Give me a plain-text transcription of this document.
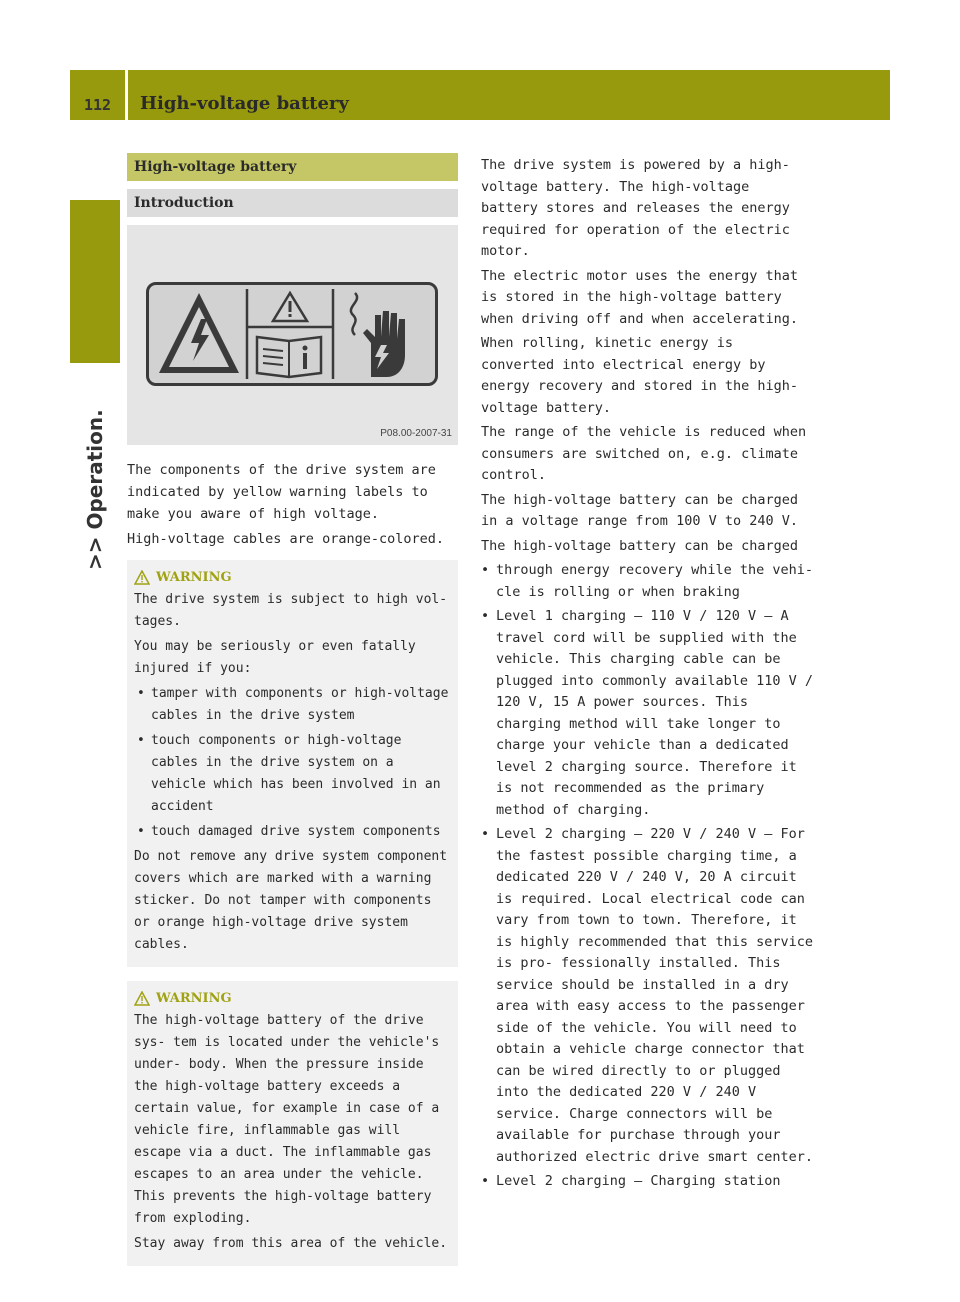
112 High-voltage battery
>> Operation.
High-voltage battery
Introduction
P08.00-2007-31

The components of the drive system are indicated by yellow warning labels to make you aware of high voltage.

High-voltage cables are orange-colored.

WARNING

The drive system is subject to high vol- tages.

You may be seriously or even fatally injured if you:

• tamper with components or high-voltage cables in the drive system

• touch components or high-voltage cables in the drive system on a vehicle which has been involved in an accident

• touch damaged drive system components

Do not remove any drive system component covers which are marked with a warning sticker. Do not tamper with components or orange high-voltage drive system cables.

WARNING

The high-voltage battery of the drive sys- tem is located under the vehicle's under- body. When the pressure inside the high-voltage battery exceeds a certain value, for example in case of a vehicle fire, inflammable gas will escape via a duct. The inflammable gas escapes to an area under the vehicle. This prevents the high-voltage battery from exploding.

Stay away from this area of the vehicle.

The drive system is powered by a high- voltage battery. The high-voltage battery stores and releases the energy required for operation of the electric motor.

The electric motor uses the energy that is stored in the high-voltage battery when driving off and when accelerating.

When rolling, kinetic energy is converted into electrical energy by energy recovery and stored in the high-voltage battery.

The range of the vehicle is reduced when consumers are switched on, e.g. climate control.

The high-voltage battery can be charged in a voltage range from 100 V to 240 V.

The high-voltage battery can be charged

• through energy recovery while the vehi- cle is rolling or when braking

• Level 1 charging – 110 V / 120 V – A travel cord will be supplied with the vehicle. This charging cable can be plugged into commonly available 110 V / 120 V, 15 A power sources. This charging method will take longer to charge your vehicle than a dedicated level 2 charging source. Therefore it is not recommended as the primary method of charging.

• Level 2 charging – 220 V / 240 V – For the fastest possible charging time, a dedicated 220 V / 240 V, 20 A circuit is required. Local electrical code can vary from town to town. Therefore, it is highly recommended that this service is pro- fessionally installed. This service should be installed in a dry area with easy access to the passenger side of the vehicle. You will need to obtain a vehicle charge connector that can be wired directly to or plugged into the dedicated 220 V / 240 V service. Charge connectors will be available for purchase through your authorized electric drive smart center.

• Level 2 charging – Charging station
